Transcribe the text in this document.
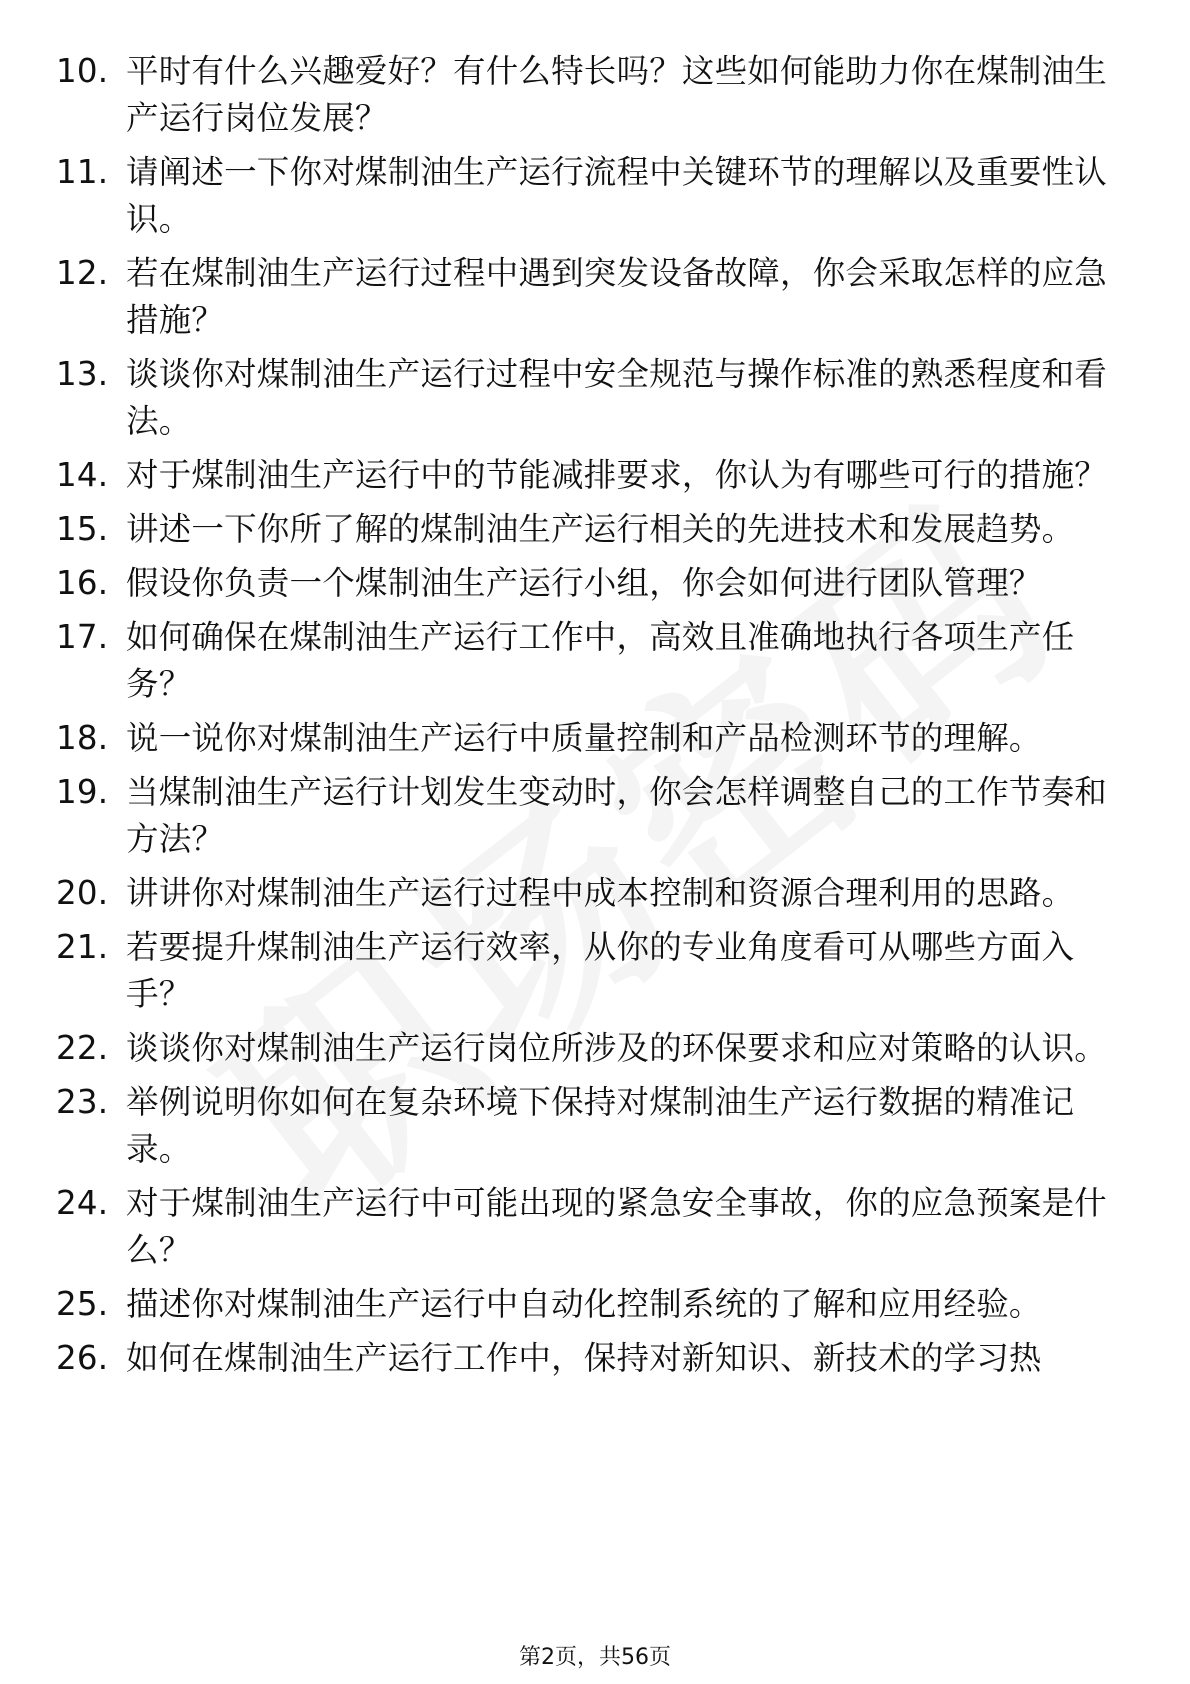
10. 平时有什么兴趣爱好？有什么特长吗？这些如何能助力你在煤制油生产运行岗位发展？
11. 请阐述一下你对煤制油生产运行流程中关键环节的理解以及重要性认识。
12. 若在煤制油生产运行过程中遇到突发设备故障，你会采取怎样的应急措施？
13. 谈谈你对煤制油生产运行过程中安全规范与操作标准的熟悉程度和看法。
14. 对于煤制油生产运行中的节能减排要求，你认为有哪些可行的措施？
15. 讲述一下你所了解的煤制油生产运行相关的先进技术和发展趋势。
16. 假设你负责一个煤制油生产运行小组，你会如何进行团队管理？
17. 如何确保在煤制油生产运行工作中，高效且准确地执行各项生产任务？
18. 说一说你对煤制油生产运行中质量控制和产品检测环节的理解。
19. 当煤制油生产运行计划发生变动时，你会怎样调整自己的工作节奏和方法？
20. 讲讲你对煤制油生产运行过程中成本控制和资源合理利用的思路。
21. 若要提升煤制油生产运行效率，从你的专业角度看可从哪些方面入手？
22. 谈谈你对煤制油生产运行岗位所涉及的环保要求和应对策略的认识。
23. 举例说明你如何在复杂环境下保持对煤制油生产运行数据的精准记录。
24. 对于煤制油生产运行中可能出现的紧急安全事故，你的应急预案是什么？
25. 描述你对煤制油生产运行中自动化控制系统的了解和应用经验。
26. 如何在煤制油生产运行工作中，保持对新知识、新技术的学习热
第2页，共56页
